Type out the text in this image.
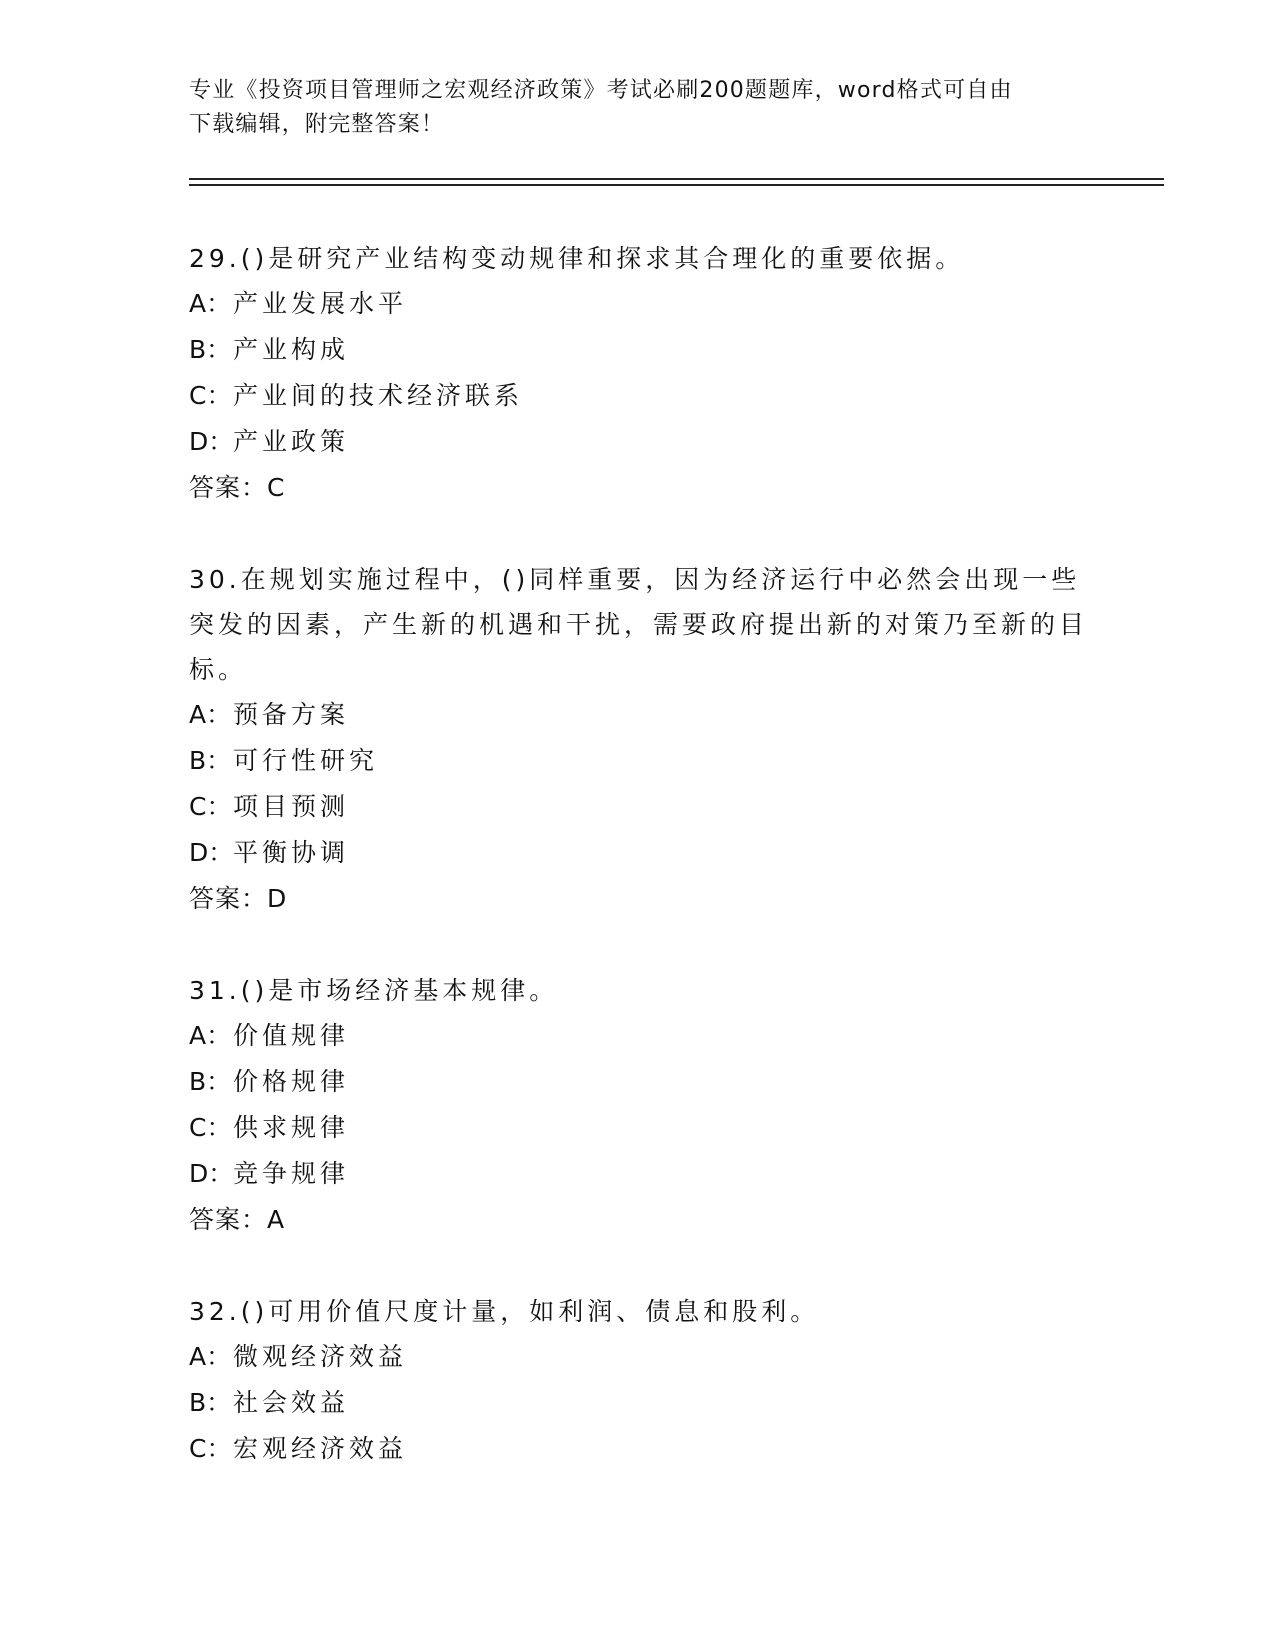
专业《投资项目管理师之宏观经济政策》考试必刷200题题库，word格式可自由
下载编辑，附完整答案！

29.()是研究产业结构变动规律和探求其合理化的重要依据。

A：产业发展水平

B：产业构成

C：产业间的技术经济联系

D：产业政策

答案：C

30.在规划实施过程中，()同样重要，因为经济运行中必然会出现一些突发的因素，产生新的机遇和干扰，需要政府提出新的对策乃至新的目标。

A：预备方案

B：可行性研究

C：项目预测

D：平衡协调

答案：D

31.()是市场经济基本规律。

A：价值规律

B：价格规律

C：供求规律

D：竞争规律

答案：A

32.()可用价值尺度计量，如利润、债息和股利。

A：微观经济效益

B：社会效益

C：宏观经济效益
